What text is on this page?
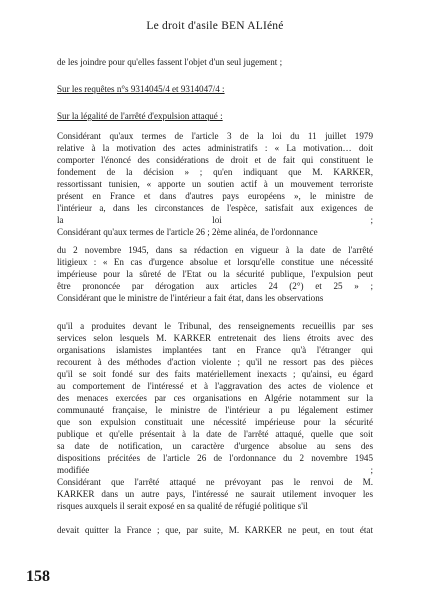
Le droit d'asile BEN ALIéné
de les joindre pour qu'elles fassent l'objet d'un seul jugement ;
Sur les requêtes n°s 9314045/4 et 9314047/4 :
Sur la légalité de l'arrêté d'expulsion attaqué :
Considérant qu'aux termes de l'article 3 de la loi du 11 juillet 1979
relative à la motivation des actes administratifs : « La motivation… doit
comporter l'énoncé des considérations de droit et de fait qui constituent le
fondement de la décision » ; qu'en indiquant que M. KARKER,
ressortissant tunisien, « apporte un soutien actif à un mouvement terroriste
présent en France et dans d'autres pays européens », le ministre de
l'intérieur a, dans les circonstances de l'espèce, satisfait aux exigences de
la loi ;
Considérant qu'aux termes de l'article 26 ; 2ème alinéa, de l'ordonnance
du 2 novembre 1945, dans sa rédaction en vigueur à la date de l'arrêté
litigieux : « En cas d'urgence absolue et lorsqu'elle constitue une nécessité
impérieuse pour la sûreté de l'Etat ou la sécurité publique, l'expulsion peut
être prononcée par dérogation aux articles 24 (2°) et 25 » ;
Considérant que le ministre de l'intérieur a fait état, dans les observations
qu'il a produites devant le Tribunal, des renseignements recueillis par ses
services selon lesquels M. KARKER entretenait des liens étroits avec des
organisations islamistes implantées tant en France qu'à l'étranger qui
recourent à des méthodes d'action violente ; qu'il ne ressort pas des pièces
qu'il se soit fondé sur des faits matériellement inexacts ; qu'ainsi, eu égard
au comportement de l'intéressé et à l'aggravation des actes de violence et
des menaces exercées par ces organisations en Algérie notamment sur la
communauté française, le ministre de l'intérieur a pu légalement estimer
que son expulsion constituait une nécessité impérieuse pour la sécurité
publique et qu'elle présentait à la date de l'arrêté attaqué, quelle que soit
sa date de notification, un caractère d'urgence absolue au sens des
dispositions précitées de l'article 26 de l'ordonnance du 2 novembre 1945
modifiée ;
Considérant que l'arrêté attaqué ne prévoyant pas le renvoi de M.
KARKER dans un autre pays, l'intéressé ne saurait utilement invoquer les
risques auxquels il serait exposé en sa qualité de réfugié politique s'il
devait quitter la France ; que, par suite, M. KARKER ne peut, en tout état
158
